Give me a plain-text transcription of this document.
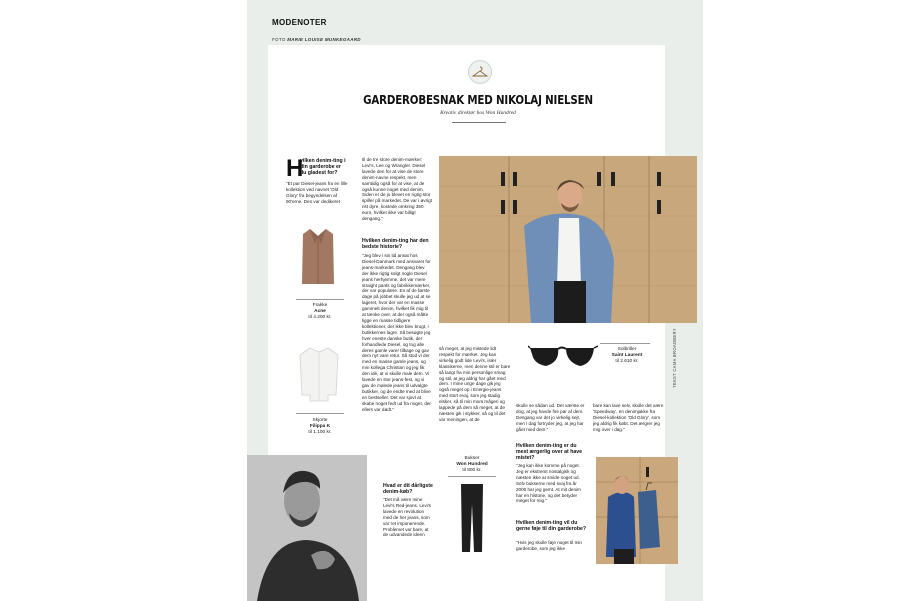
MODENOTER
FOTO MARIE LOUISE MUNKEGAARD
GARDEROBESNAK MED NIKOLAJ NIELSEN
Kreativ direktør hos Won Hundred
H
vilken denim-ting i din garderobe er du gladest for?
"Et par Diesel-jeans fra en lille kollektion ved navnet 'Old Glory' fra begyndelsen af 90'erne. Den var dedikeret
Frakke
Acne
til 4.200 kr.
Skjorte
Filippa K
til 1.100 kr.
til de tre store denim-mærker: Levi's, Lee og Wrangler. Diesel lavede den for at vise de store denim-navne respekt, men samtidig også for at vise, at de også kunne noget med denim. Siden er de jo blevet en rigtig stor spiller på markedet. De var i øvrigt rist dyre, kostede omkring 350 euro, hvilket ikke var billigt dengang."
Hvilken denim-ting har den bedste historie?
"Jeg blev i sin tid ansat hos Diesel-Danmark med ansvaret for jeans-markedet. Dengang blev der ikke rigtig solgt nogle Diesel jeans herhjemme, det var mere straight pants og fabrikkemærker, der var populære. En af de første dage på jobbet skulle jeg ud at se lageret, hvor der var en masse gammelt denim, hvilket fik mig til at tænke over, at der også måtte ligge en masse tidligere kollektioner, der ikke blev brugt, i butikkernes lagre. Så besøgte jeg hver eneste danske butik, der forhandlede Diesel, og tog alle deres gamle varer tilbage og gav dem nyt vare retur. Så stod vi der med en masse gamle jeans, og min kollega Christian og jeg fik den idé, at vi skulle male dem. Vi lavede en stor jeans-fest, og vi gav de malede jeans til udvalgte butikker, og de endte med at blive en bestseller. Det var sjovt at skabe noget fedt ud fra noget, der ellers var dødt."
Hvad er dit dårligste denim-køb?
"Det må være mine Levi's Red-jeans. Levi's lavede en revolution med de her jeans, som var ret imponerende. Problemet var bare, at de udvandede ideen
så meget, at jeg mistede lidt respekt for mærket. Jeg kan virkelig godt lide Levi's, især klassikerne, men denne stil er bare så langt fra min personlige smag og stil, at jeg aldrig har gået med dem. I mine unge dage gik jeg også meget op i Energie-jeans med stort evaj, som jeg stadig elsker, så til min mors mågeri og lappede på dem så meget, at de næsten gik i stykker, så og til det var meningen, at de
Solbriller
Saint Laurent
til 2.610 kr.
Bukser
Won Hundred
til 800 kr.
skulle se sådan ud. Det værste er dog, at jeg havde fire par af dem. Dengang var det jo virkelig sejt, men i dag fortryder jeg, at jeg har gået med dem."
Hvilken denim-ting er du mest ærgerlig over at have mistet?
"Jeg kan ikke komme på noget. Jeg er ekstremt nostalgisk og næsten ikke at smide noget ud. Selv bukserne med svaj fra år 2000 har jeg gemt. At mit denim har en historie, og det betyder meget for mig."
Hvilken denim-ting vil du gerne føje til din garderobe?
"Hvis jeg skulle føje noget til min garderobe, som jeg ikke
bare kan lave selv, skulle det være 'Speedway', en denimjakke fra Diesel-kollektion 'Old Glory', som jeg aldrig fik købt. Det ærgrer jeg mig over i dag."
TEKST CAMA BROADBERY
